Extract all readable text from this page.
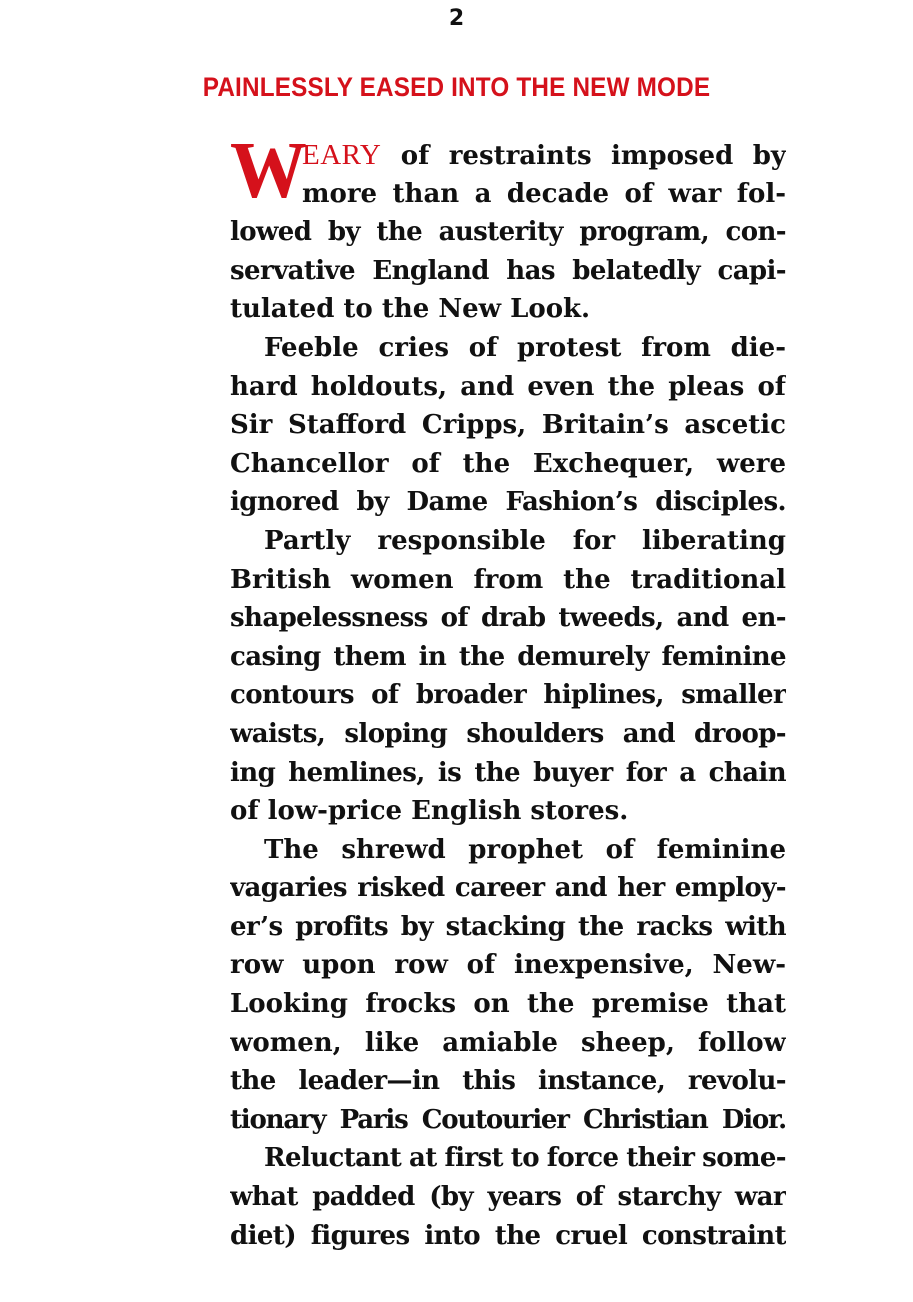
2
PAINLESSLY EASED INTO THE NEW MODE
W
EARY of restraints imposed by
more than a decade of war fol-
lowed by the austerity program, con-
servative England has belatedly capi-
tulated to the New Look.
Feeble cries of protest from die-
hard holdouts, and even the pleas of
Sir Stafford Cripps, Britain’s ascetic
Chancellor of the Exchequer, were
ignored by Dame Fashion’s disciples.
Partly responsible for liberating
British women from the traditional
shapelessness of drab tweeds, and en-
casing them in the demurely feminine
contours of broader hiplines, smaller
waists, sloping shoulders and droop-
ing hemlines, is the buyer for a chain
of low-price English stores.
The shrewd prophet of feminine
vagaries risked career and her employ-
er’s profits by stacking the racks with
row upon row of inexpensive, New-
Looking frocks on the premise that
women, like amiable sheep, follow
the leader—in this instance, revolu-
tionary Paris Coutourier Christian Dior.
Reluctant at first to force their some-
what padded (by years of starchy war
diet) figures into the cruel constraint
